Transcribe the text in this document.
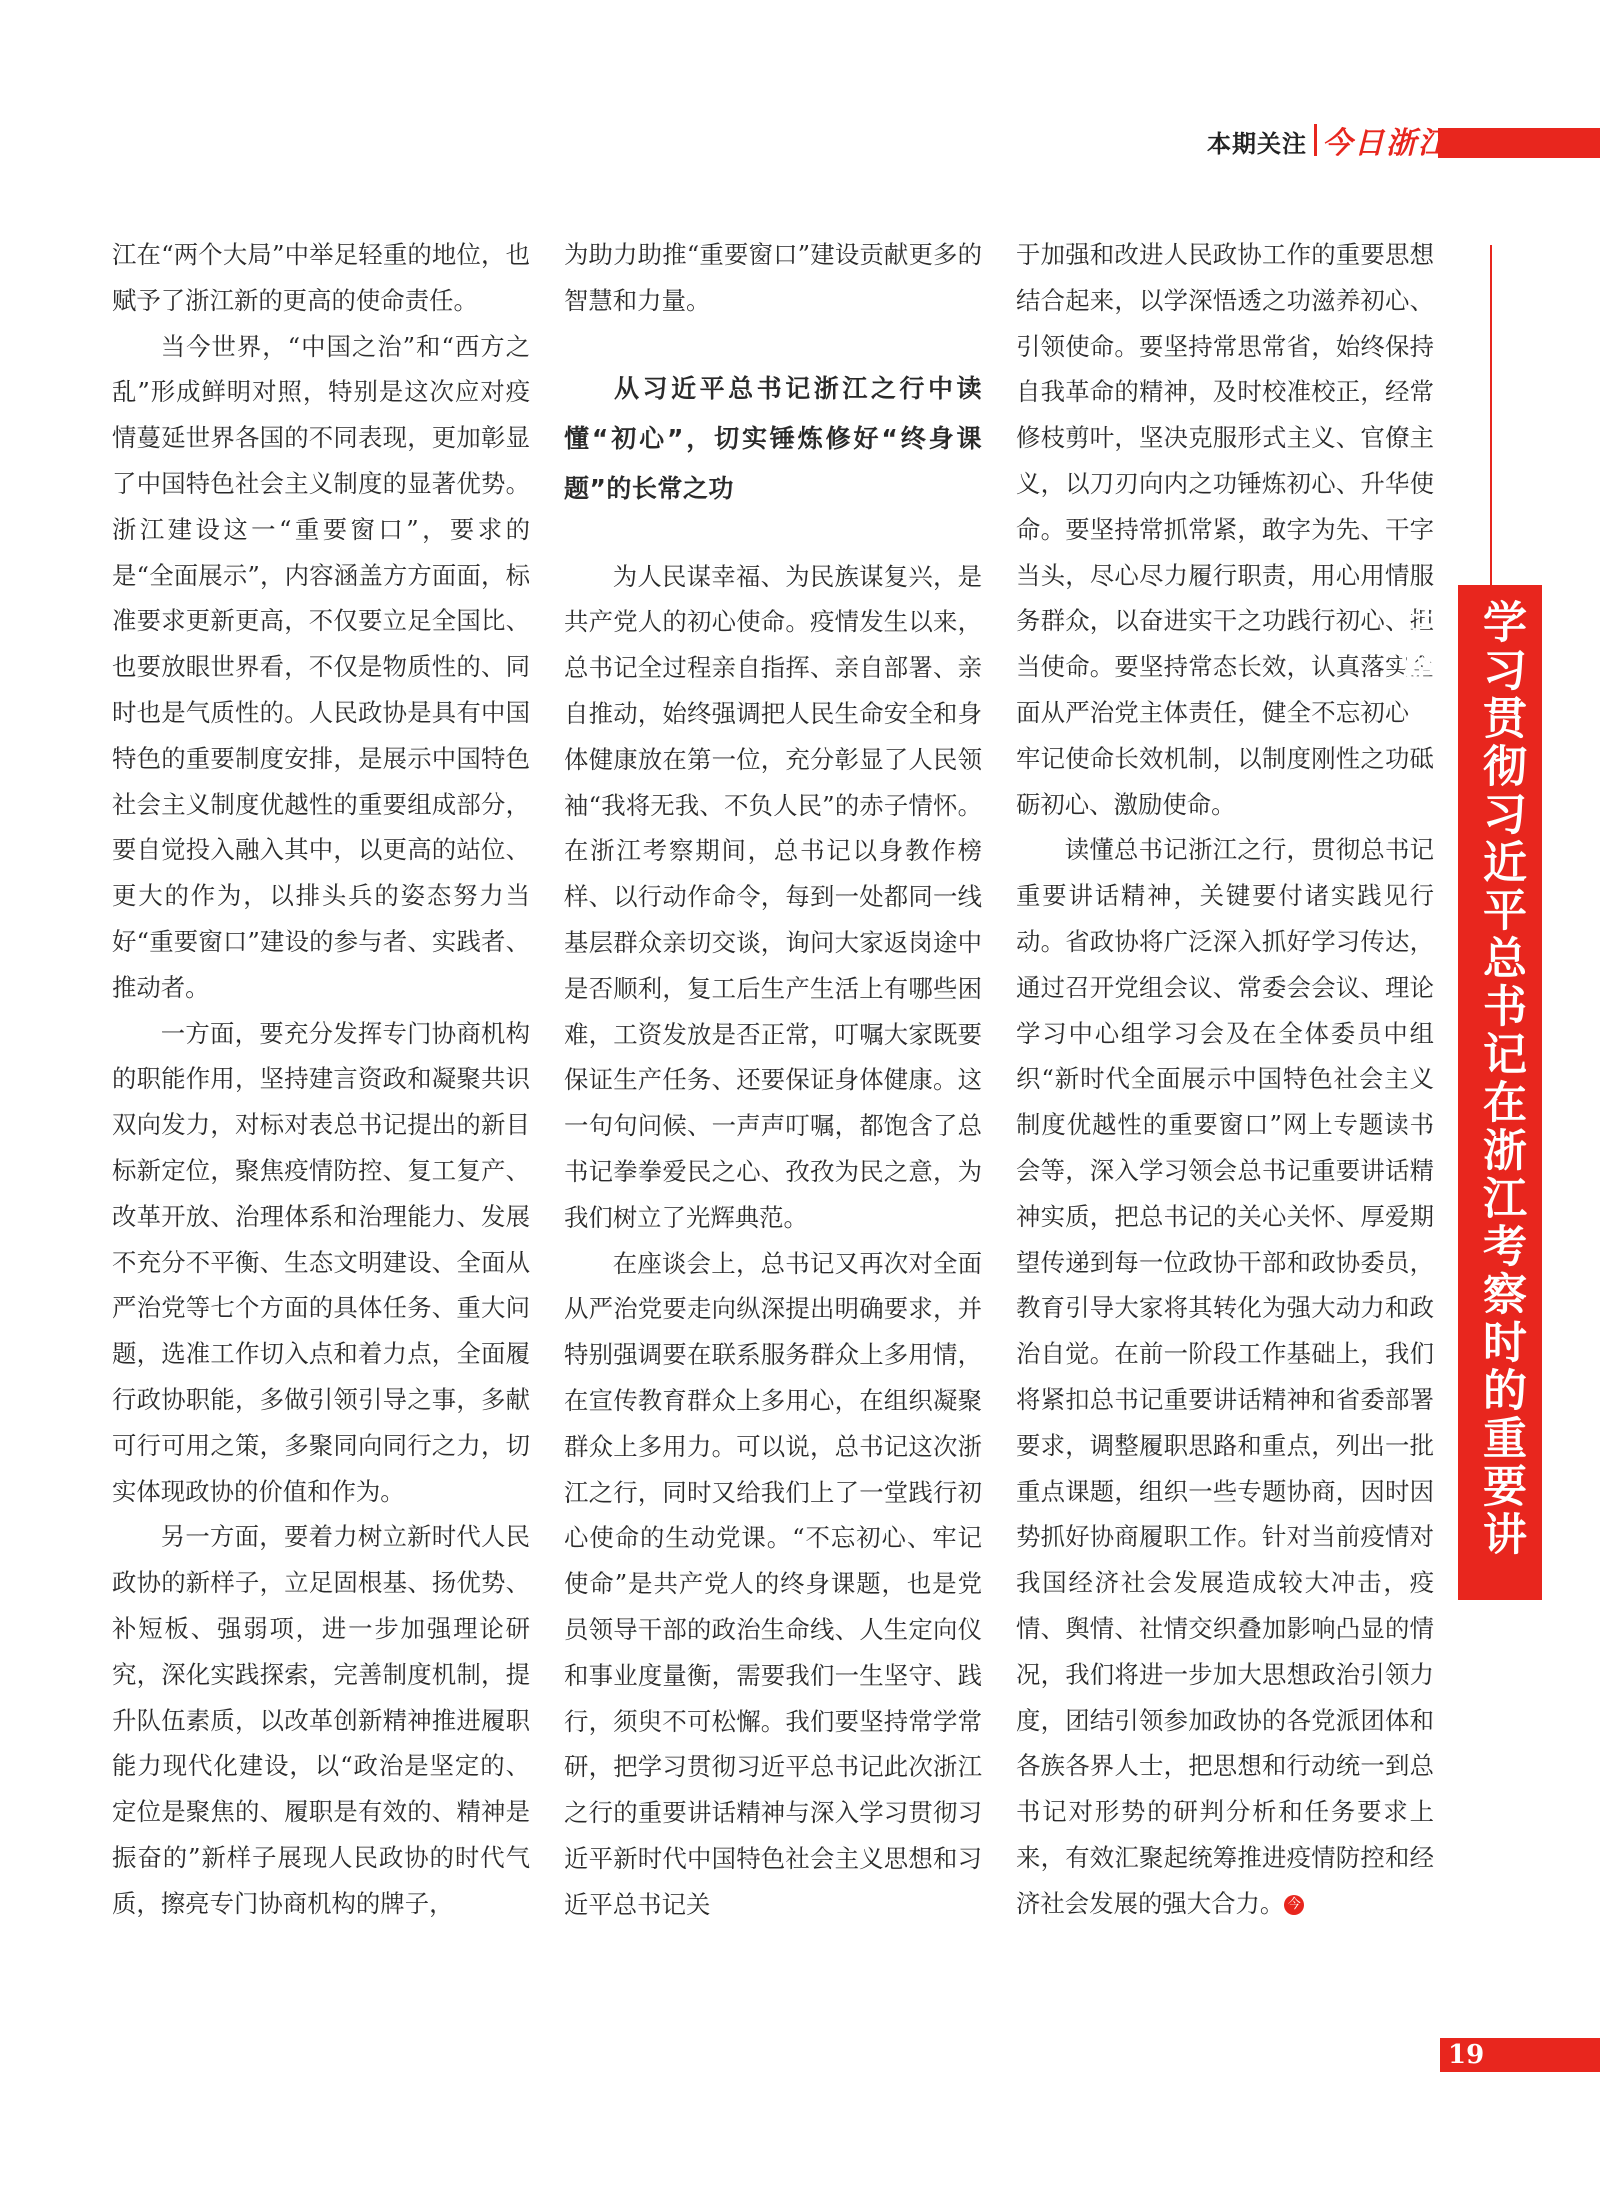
本期关注 今日浙江

江在“两个大局”中举足轻重的地位，也赋予了浙江新的更高的使命责任。

当今世界，“中国之治”和“西方之乱”形成鲜明对照，特别是这次应对疫情蔓延世界各国的不同表现，更加彰显了中国特色社会主义制度的显著优势。浙江建设这一“重要窗口”，要求的是“全面展示”，内容涵盖方方面面，标准要求更新更高，不仅要立足全国比、也要放眼世界看，不仅是物质性的、同时也是气质性的。人民政协是具有中国特色的重要制度安排，是展示中国特色社会主义制度优越性的重要组成部分，要自觉投入融入其中，以更高的站位、更大的作为，以排头兵的姿态努力当好“重要窗口”建设的参与者、实践者、推动者。

一方面，要充分发挥专门协商机构的职能作用，坚持建言资政和凝聚共识双向发力，对标对表总书记提出的新目标新定位，聚焦疫情防控、复工复产、改革开放、治理体系和治理能力、发展不充分不平衡、生态文明建设、全面从严治党等七个方面的具体任务、重大问题，选准工作切入点和着力点，全面履行政协职能，多做引领引导之事，多献可行可用之策，多聚同向同行之力，切实体现政协的价值和作为。

另一方面，要着力树立新时代人民政协的新样子，立足固根基、扬优势、补短板、强弱项，进一步加强理论研究，深化实践探索，完善制度机制，提升队伍素质，以改革创新精神推进履职能力现代化建设，以“政治是坚定的、定位是聚焦的、履职是有效的、精神是振奋的”新样子展现人民政协的时代气质，擦亮专门协商机构的牌子，

为助力助推“重要窗口”建设贡献更多的智慧和力量。

从习近平总书记浙江之行中读懂“初心”，切实锤炼修好“终身课题”的长常之功

为人民谋幸福、为民族谋复兴，是共产党人的初心使命。疫情发生以来，总书记全过程亲自指挥、亲自部署、亲自推动，始终强调把人民生命安全和身体健康放在第一位，充分彰显了人民领袖“我将无我、不负人民”的赤子情怀。在浙江考察期间，总书记以身教作榜样、以行动作命令，每到一处都同一线基层群众亲切交谈，询问大家返岗途中是否顺利，复工后生产生活上有哪些困难，工资发放是否正常，叮嘱大家既要保证生产任务、还要保证身体健康。这一句句问候、一声声叮嘱，都饱含了总书记拳拳爱民之心、孜孜为民之意，为我们树立了光辉典范。

在座谈会上，总书记又再次对全面从严治党要走向纵深提出明确要求，并特别强调要在联系服务群众上多用情，在宣传教育群众上多用心，在组织凝聚群众上多用力。可以说，总书记这次浙江之行，同时又给我们上了一堂践行初心使命的生动党课。“不忘初心、牢记使命”是共产党人的终身课题，也是党员领导干部的政治生命线、人生定向仪和事业度量衡，需要我们一生坚守、践行，须臾不可松懈。我们要坚持常学常研，把学习贯彻习近平总书记此次浙江之行的重要讲话精神与深入学习贯彻习近平新时代中国特色社会主义思想和习近平总书记关

于加强和改进人民政协工作的重要思想结合起来，以学深悟透之功滋养初心、引领使命。要坚持常思常省，始终保持自我革命的精神，及时校准校正，经常修枝剪叶，坚决克服形式主义、官僚主义，以刀刃向内之功锤炼初心、升华使命。要坚持常抓常紧，敢字为先、干字当头，尽心尽力履行职责，用心用情服务群众，以奋进实干之功践行初心、担当使命。要坚持常态长效，认真落实全面从严治党主体责任，健全不忘初心、牢记使命长效机制，以制度刚性之功砥砺初心、激励使命。

读懂总书记浙江之行，贯彻总书记重要讲话精神，关键要付诸实践见行动。省政协将广泛深入抓好学习传达，通过召开党组会议、常委会会议、理论学习中心组学习会及在全体委员中组织“新时代全面展示中国特色社会主义制度优越性的重要窗口”网上专题读书会等，深入学习领会总书记重要讲话精神实质，把总书记的关心关怀、厚爱期望传递到每一位政协干部和政协委员，教育引导大家将其转化为强大动力和政治自觉。在前一阶段工作基础上，我们将紧扣总书记重要讲话精神和省委部署要求，调整履职思路和重点，列出一批重点课题，组织一些专题协商，因时因势抓好协商履职工作。针对当前疫情对我国经济社会发展造成较大冲击，疫情、舆情、社情交织叠加影响凸显的情况，我们将进一步加大思想政治引领力度，团结引领参加政协的各党派团体和各族各界人士，把思想和行动统一到总书记对形势的研判分析和任务要求上来，有效汇聚起统筹推进疫情防控和经济社会发展的强大合力。 今

学习贯彻习近平总书记在浙江考察时的重要讲话精神
19
